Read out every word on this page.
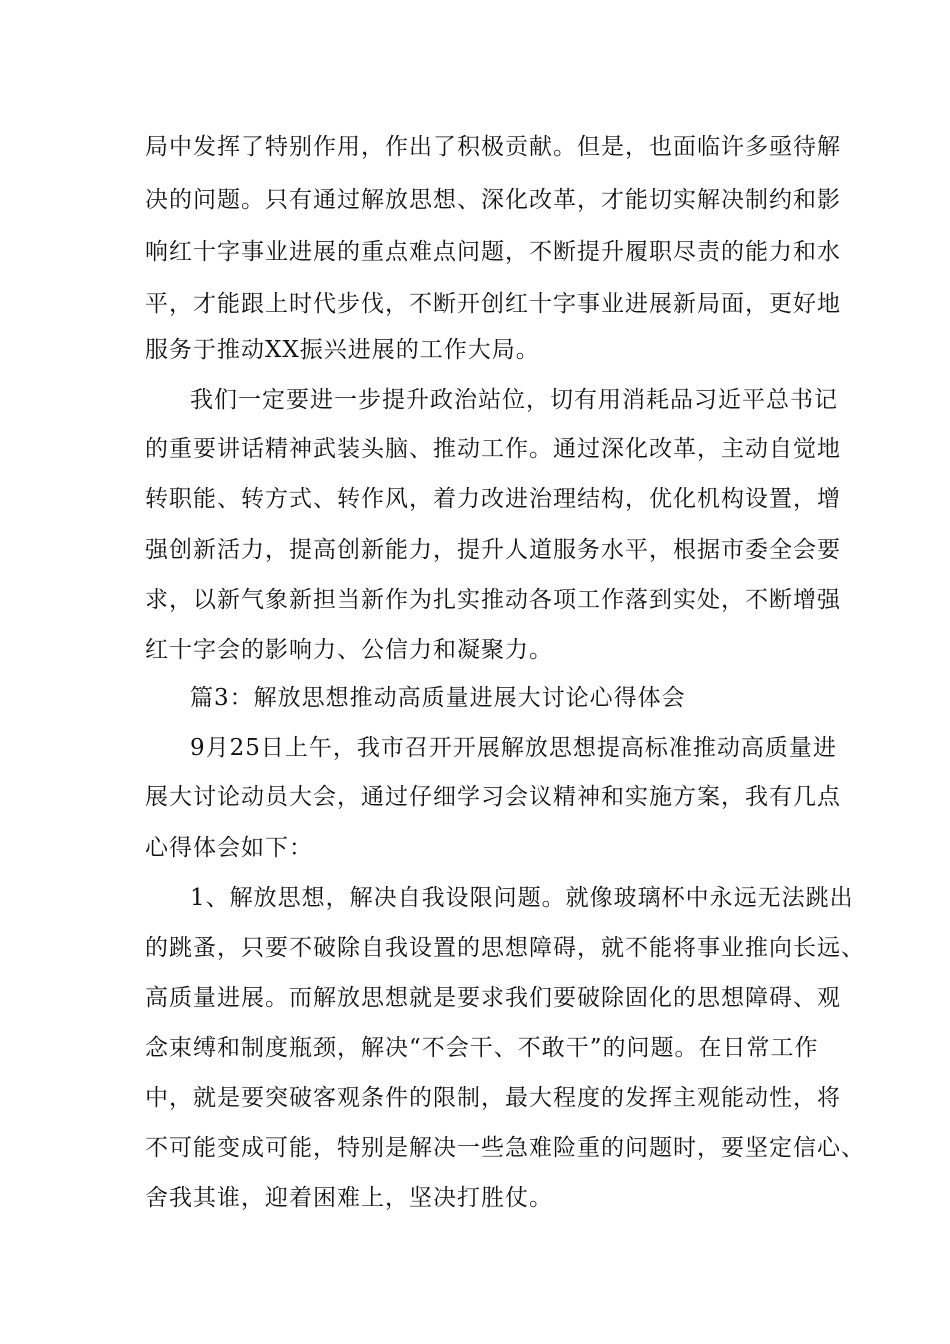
局中发挥了特别作用，作出了积极贡献。但是，也面临许多亟待解
决的问题。只有通过解放思想、深化改革，才能切实解决制约和影
响红十字事业进展的重点难点问题，不断提升履职尽责的能力和水
平，才能跟上时代步伐，不断开创红十字事业进展新局面，更好地
服务于推动XX振兴进展的工作大局。
我们一定要进一步提升政治站位，切有用消耗品习近平总书记
的重要讲话精神武装头脑、推动工作。通过深化改革，主动自觉地
转职能、转方式、转作风，着力改进治理结构，优化机构设置，增
强创新活力，提高创新能力，提升人道服务水平，根据市委全会要
求，以新气象新担当新作为扎实推动各项工作落到实处，不断增强
红十字会的影响力、公信力和凝聚力。
篇3：解放思想推动高质量进展大讨论心得体会
9月25日上午，我市召开开展解放思想提高标准推动高质量进
展大讨论动员大会，通过仔细学习会议精神和实施方案，我有几点
心得体会如下：
1、解放思想，解决自我设限问题。就像玻璃杯中永远无法跳出
的跳蚤，只要不破除自我设置的思想障碍，就不能将事业推向长远、
高质量进展。而解放思想就是要求我们要破除固化的思想障碍、观
念束缚和制度瓶颈，解决“不会干、不敢干”的问题。在日常工作
中，就是要突破客观条件的限制，最大程度的发挥主观能动性，将
不可能变成可能，特别是解决一些急难险重的问题时，要坚定信心、
舍我其谁，迎着困难上，坚决打胜仗。
